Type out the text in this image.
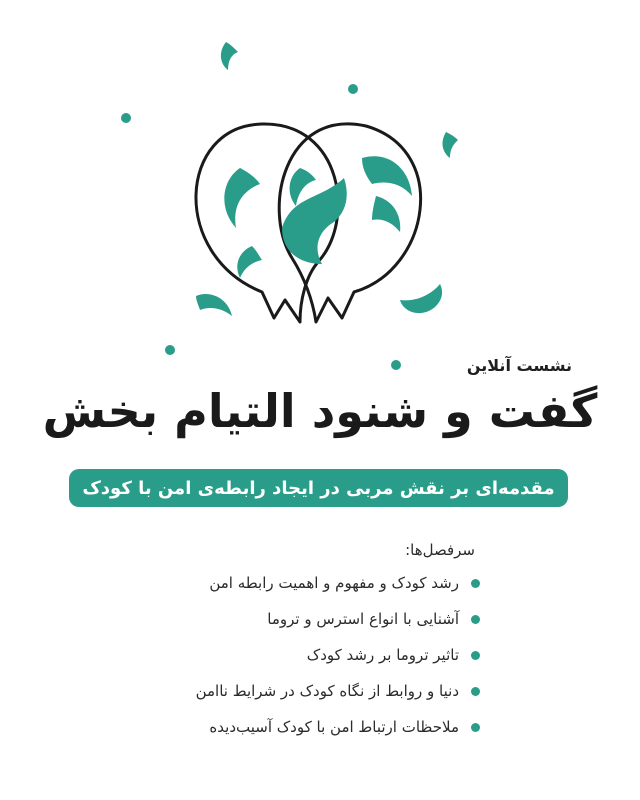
نشست آنلاین
گفت و شنود التیام بخش
مقدمه‌ای بر نقش مربی در ایجاد رابطه‌ی امن با کودک
سرفصل‌ها:
رشد کودک و مفهوم و اهمیت رابطه امن
آشنایی با انواع استرس و تروما
تاثیر تروما بر رشد کودک
دنیا و روابط از نگاه کودک در شرایط ناامن
ملاحظات ارتباط امن با کودک آسیب‌دیده
